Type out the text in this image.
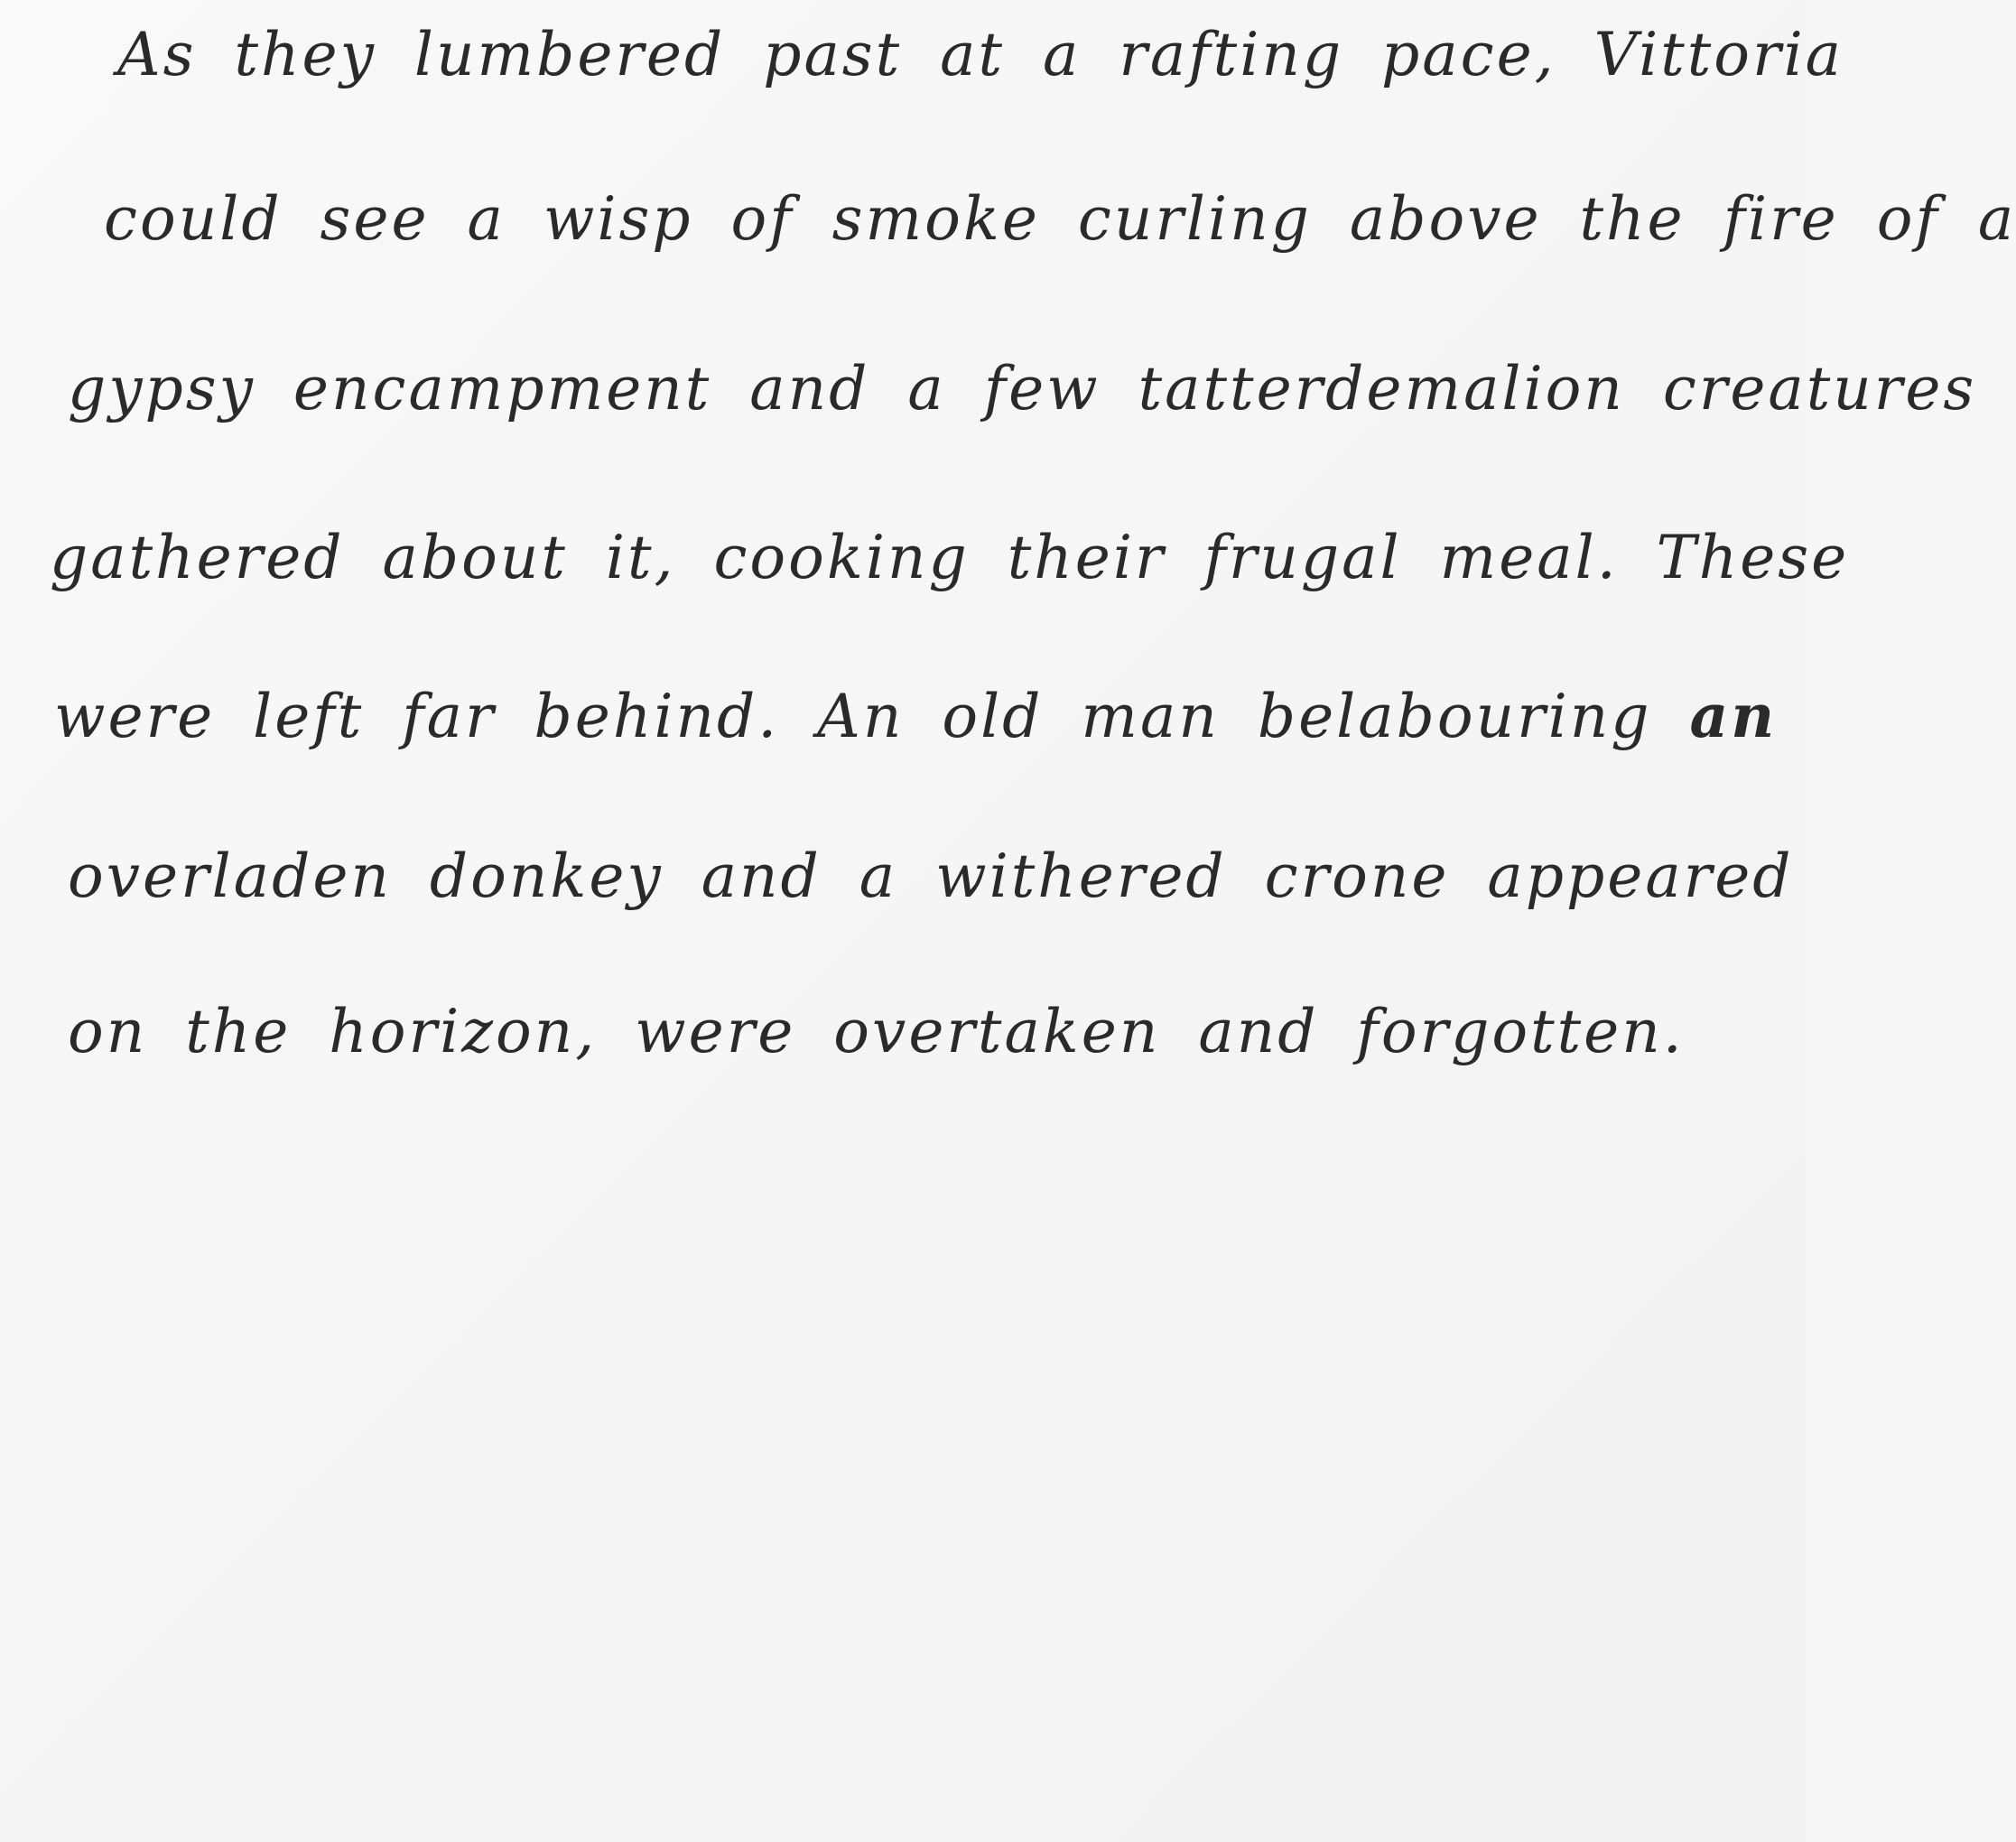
As they lumbered past at a rafting pace, Vittoria

could see a wisp of smoke curling above the fire of a

gypsy encampment and a few tatterdemalion creatures

gathered about it, cooking their frugal meal. These

were left far behind. An old man belabouring an

overladen donkey and a withered crone appeared

on the horizon, were overtaken and forgotten.
